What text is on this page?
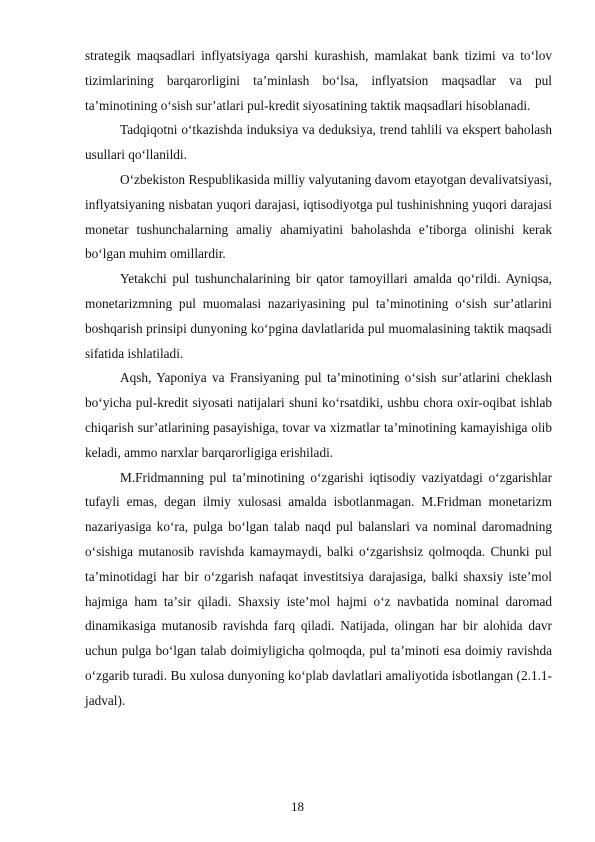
strategik maqsadlari inflyatsiyaga qarshi kurashish, mamlakat bank tizimi va to‘lov tizimlarining barqarorligini taʼminlash boʻlsa, inflyatsion maqsadlar va pul taʼminotining oʻsish surʼatlari pul-kredit siyosatining taktik maqsadlari hisoblanadi.

Tadqiqotni oʻtkazishda induksiya va deduksiya, trend tahlili va ekspert baholash usullari qoʻllanildi.

Oʻzbekiston Respublikasida milliy valyutaning davom etayotgan devalivatsiyasi, inflyatsiyaning nisbatan yuqori darajasi, iqtisodiyotga pul tushinishning yuqori darajasi monetar tushunchalarning amaliy ahamiyatini baholashda eʼtiborga olinishi kerak boʻlgan muhim omillardir.

Yetakchi pul tushunchalarining bir qator tamoyillari amalda qoʻrildi. Ayniqsa, monetarizmning pul muomalasi nazariyasining pul taʼminotining oʻsish surʼatlarini boshqarish prinsipi dunyoning koʻpgina davlatlarida pul muomalasining taktik maqsadi sifatida ishlatiladi.

Aqsh, Yaponiya va Fransiyaning pul taʼminotining oʻsish surʼatlarini cheklash boʻyicha pul-kredit siyosati natijalari shuni koʻrsatdiki, ushbu chora oxir-oqibat ishlab chiqarish surʼatlarining pasayishiga, tovar va xizmatlar taʼminotining kamayishiga olib keladi, ammo narxlar barqarorligiga erishiladi.

M.Fridmanning pul taʼminotining oʻzgarishi iqtisodiy vaziyatdagi oʻzgarishlar tufayli emas, degan ilmiy xulosasi amalda isbotlanmagan. M.Fridman monetarizm nazariyasiga koʻra, pulga boʻlgan talab naqd pul balanslari va nominal daromadning oʻsishiga mutanosib ravishda kamaymaydi, balki oʻzgarishsiz qolmoqda. Chunki pul taʼminotidagi har bir oʻzgarish nafaqat investitsiya darajasiga, balki shaxsiy isteʼmol hajmiga ham taʼsir qiladi. Shaxsiy isteʼmol hajmi oʻz navbatida nominal daromad dinamikasiga mutanosib ravishda farq qiladi. Natijada, olingan har bir alohida davr uchun pulga boʻlgan talab doimiyligicha qolmoqda, pul taʼminoti esa doimiy ravishda oʻzgarib turadi. Bu xulosa dunyoning koʻplab davlatlari amaliyotida isbotlangan (2.1.1-jadval).

18
